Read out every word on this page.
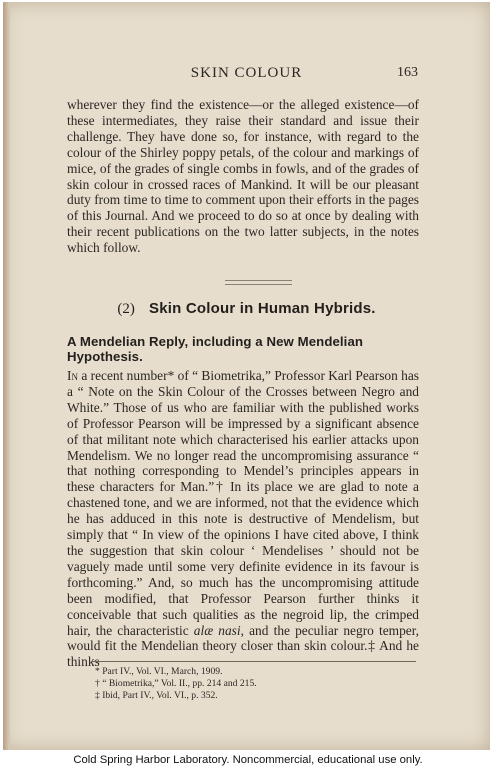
SKIN COLOUR	163

wherever they find the existence—or the alleged existence—of these intermediates, they raise their standard and issue their challenge. They have done so, for instance, with regard to the colour of the Shirley poppy petals, of the colour and markings of mice, of the grades of single combs in fowls, and of the grades of skin colour in crossed races of Mankind. It will be our pleasant duty from time to time to comment upon their efforts in the pages of this Journal. And we proceed to do so at once by dealing with their recent publications on the two latter subjects, in the notes which follow.

(2) Skin Colour in Human Hybrids.
A Mendelian Reply, including a New Mendelian Hypothesis.

In a recent number* of “ Biometrika,” Professor Karl Pearson has a “ Note on the Skin Colour of the Crosses between Negro and White.” Those of us who are familiar with the published works of Professor Pearson will be impressed by a significant absence of that militant note which characterised his earlier attacks upon Mendelism. We no longer read the uncompromising assurance “ that nothing corresponding to Mendel’s principles appears in these characters for Man.”† In its place we are glad to note a chastened tone, and we are informed, not that the evidence which he has adduced in this note is destructive of Mendelism, but simply that “ In view of the opinions I have cited above, I think the suggestion that skin colour ‘ Mendelises ’ should not be vaguely made until some very definite evidence in its favour is forthcoming.” And, so much has the uncompromising attitude been modified, that Professor Pearson further thinks it conceivable that such qualities as the negroid lip, the crimped hair, the characteristic alæ nasi, and the peculiar negro temper, would fit the Mendelian theory closer than skin colour.‡ And he thinks

* Part IV., Vol. VI., March, 1909.
† “ Biometrika,” Vol. II., pp. 214 and 215.
‡ Ibid, Part IV., Vol. VI., p. 352.
Cold Spring Harbor Laboratory. Noncommercial, educational use only.
